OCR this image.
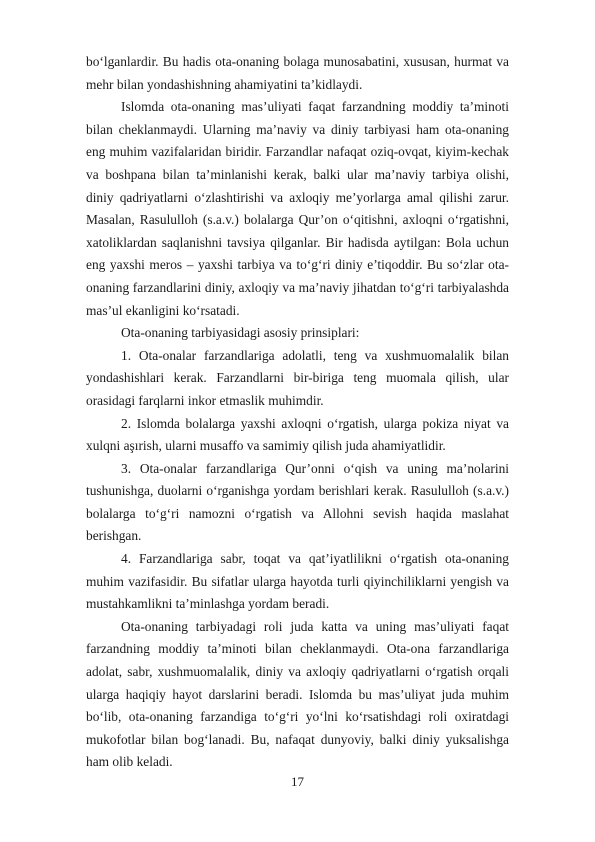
bo‘lganlardir. Bu hadis ota-onaning bolaga munosabatini, xususan, hurmat va mehr bilan yondashishning ahamiyatini ta’kidlaydi.

Islomda ota-onaning mas’uliyati faqat farzandning moddiy ta’minoti bilan cheklanmaydi. Ularning ma’naviy va diniy tarbiyasi ham ota-onaning eng muhim vazifalaridan biridir. Farzandlar nafaqat oziq-ovqat, kiyim-kechak va boshpana bilan ta’minlanishi kerak, balki ular ma’naviy tarbiya olishi, diniy qadriyatlarni o‘zlashtirishi va axloqiy me’yorlarga amal qilishi zarur. Masalan, Rasululloh (s.a.v.) bolalarga Qur’on o‘qitishni, axloqni o‘rgatishni, xatoliklardan saqlanishni tavsiya qilganlar. Bir hadisda aytilgan: Bola uchun eng yaxshi meros – yaxshi tarbiya va to‘g‘ri diniy e’tiqoddir. Bu so‘zlar ota-onaning farzandlarini diniy, axloqiy va ma’naviy jihatdan to‘g‘ri tarbiyalashda mas’ul ekanligini ko‘rsatadi.

Ota-onaning tarbiyasidagi asosiy prinsiplari:

1. Ota-onalar farzandlariga adolatli, teng va xushmuomalalik bilan yondashishlari kerak. Farzandlarni bir-biriga teng muomala qilish, ular orasidagi farqlarni inkor etmaslik muhimdir.

2. Islomda bolalarga yaxshi axloqni o‘rgatish, ularga pokiza niyat va xulqni aşırish, ularni musaffo va samimiy qilish juda ahamiyatlidir.

3. Ota-onalar farzandlariga Qur’onni o‘qish va uning ma’nolarini tushunishga, duolarni o‘rganishga yordam berishlari kerak. Rasululloh (s.a.v.) bolalarga to‘g‘ri namozni o‘rgatish va Allohni sevish haqida maslahat berishgan.

4. Farzandlariga sabr, toqat va qat’iyatlilikni o‘rgatish ota-onaning muhim vazifasidir. Bu sifatlar ularga hayotda turli qiyinchiliklarni yengish va mustahkamlikni ta’minlashga yordam beradi.

Ota-onaning tarbiyadagi roli juda katta va uning mas’uliyati faqat farzandning moddiy ta’minoti bilan cheklanmaydi. Ota-ona farzandlariga adolat, sabr, xushmuomalalik, diniy va axloqiy qadriyatlarni o‘rgatish orqali ularga haqiqiy hayot darslarini beradi. Islomda bu mas’uliyat juda muhim bo‘lib, ota-onaning farzandiga to‘g‘ri yo‘lni ko‘rsatishdagi roli oxiratdagi mukofotlar bilan bog‘lanadi. Bu, nafaqat dunyoviy, balki diniy yuksalishga ham olib keladi.

17
